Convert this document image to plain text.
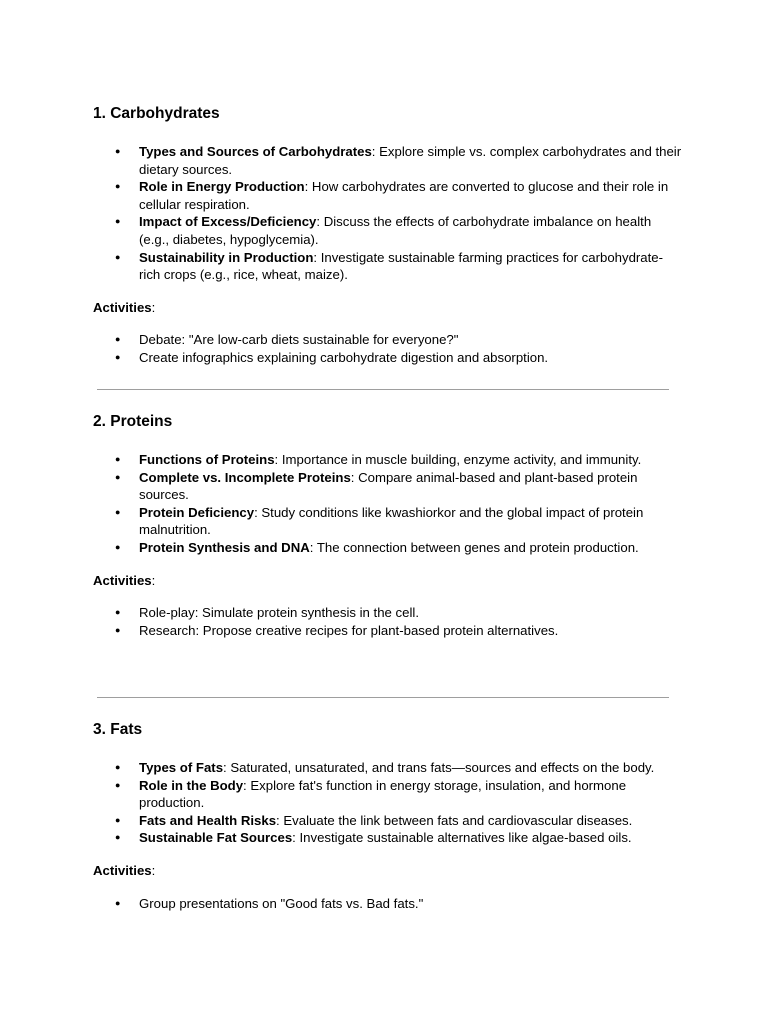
1. Carbohydrates
● Types and Sources of Carbohydrates: Explore simple vs. complex carbohydrates and their dietary sources.
● Role in Energy Production: How carbohydrates are converted to glucose and their role in cellular respiration.
● Impact of Excess/Deficiency: Discuss the effects of carbohydrate imbalance on health (e.g., diabetes, hypoglycemia).
● Sustainability in Production: Investigate sustainable farming practices for carbohydrate-rich crops (e.g., rice, wheat, maize).
Activities:
● Debate: "Are low-carb diets sustainable for everyone?"
● Create infographics explaining carbohydrate digestion and absorption.
2. Proteins
● Functions of Proteins: Importance in muscle building, enzyme activity, and immunity.
● Complete vs. Incomplete Proteins: Compare animal-based and plant-based protein sources.
● Protein Deficiency: Study conditions like kwashiorkor and the global impact of protein malnutrition.
● Protein Synthesis and DNA: The connection between genes and protein production.
Activities:
● Role-play: Simulate protein synthesis in the cell.
● Research: Propose creative recipes for plant-based protein alternatives.
3. Fats
● Types of Fats: Saturated, unsaturated, and trans fats—sources and effects on the body.
● Role in the Body: Explore fat's function in energy storage, insulation, and hormone production.
● Fats and Health Risks: Evaluate the link between fats and cardiovascular diseases.
● Sustainable Fat Sources: Investigate sustainable alternatives like algae-based oils.
Activities:
● Group presentations on "Good fats vs. Bad fats."
